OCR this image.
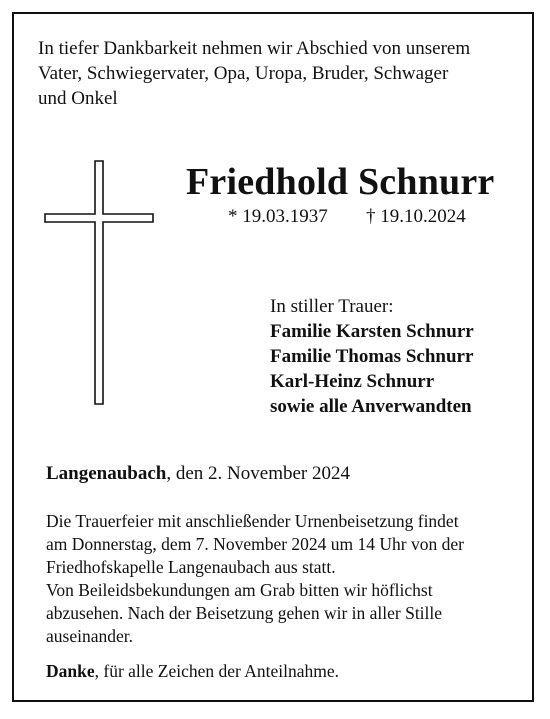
In tiefer Dankbarkeit nehmen wir Abschied von unserem
Vater, Schwiegervater, Opa, Uropa, Bruder, Schwager
und Onkel
Friedhold Schnurr
* 19.03.1937 † 19.10.2024
In stiller Trauer:
Familie Karsten Schnurr
Familie Thomas Schnurr
Karl-Heinz Schnurr
sowie alle Anverwandten
Langenaubach, den 2. November 2024
Die Trauerfeier mit anschließender Urnenbeisetzung findet
am Donnerstag, dem 7. November 2024 um 14 Uhr von der
Friedhofskapelle Langenaubach aus statt.
Von Beileidsbekundungen am Grab bitten wir höflichst
abzusehen. Nach der Beisetzung gehen wir in aller Stille
auseinander.
Danke, für alle Zeichen der Anteilnahme.
